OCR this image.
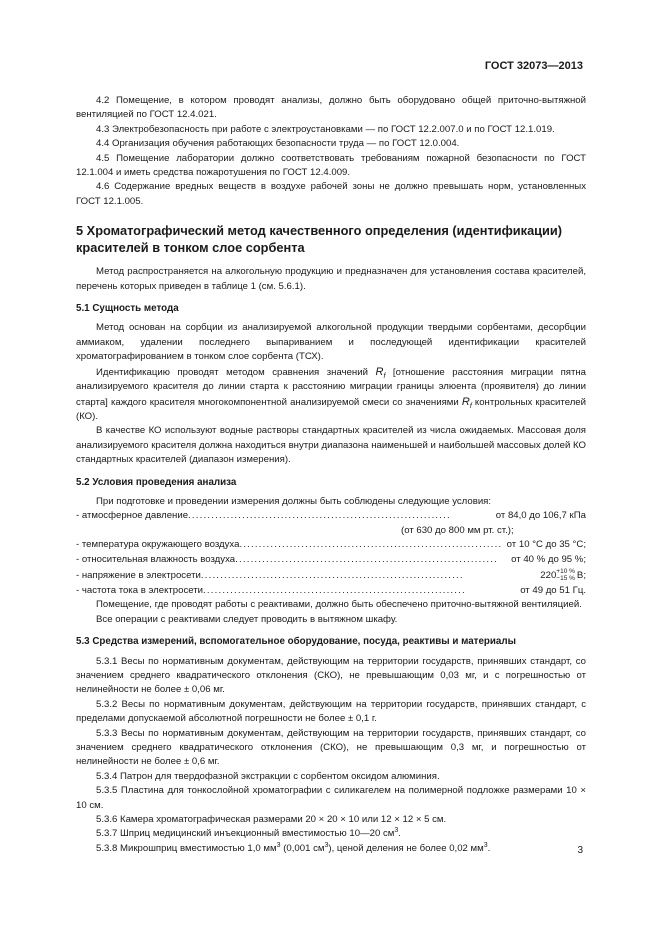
ГОСТ 32073—2013

4.2 Помещение, в котором проводят анализы, должно быть оборудовано общей приточно-вытяжной вентиляцией по ГОСТ 12.4.021.

4.3 Электробезопасность при работе с электроустановками — по ГОСТ 12.2.007.0 и по ГОСТ 12.1.019.

4.4 Организация обучения работающих безопасности труда — по ГОСТ 12.0.004.

4.5 Помещение лаборатории должно соответствовать требованиям пожарной безопасности по ГОСТ 12.1.004 и иметь средства пожаротушения по ГОСТ 12.4.009.

4.6 Содержание вредных веществ в воздухе рабочей зоны не должно превышать норм, установленных ГОСТ 12.1.005.

5 Хроматографический метод качественного определения (идентификации) красителей в тонком слое сорбента

Метод распространяется на алкогольную продукцию и предназначен для установления состава красителей, перечень которых приведен в таблице 1 (см. 5.6.1).

5.1 Сущность метода

Метод основан на сорбции из анализируемой алкогольной продукции твердыми сорбентами, десорбции аммиаком, удалении последнего выпариванием и последующей идентификации красителей хроматографированием в тонком слое сорбента (ТСХ).

Идентификацию проводят методом сравнения значений $R_f$ [отношение расстояния миграции пятна анализируемого красителя до линии старта к расстоянию миграции границы элюента (проявителя) до линии старта] каждого красителя многокомпонентной анализируемой смеси со значениями $R_f$ контрольных красителей (КО).

В качестве КО используют водные растворы стандартных красителей из числа ожидаемых. Массовая доля анализируемого красителя должна находиться внутри диапазона наименьшей и наибольшей массовых долей КО стандартных красителей (диапазон измерения).

5.2 Условия проведения анализа

При подготовке и проведении измерения должны быть соблюдены следующие условия:

- атмосферное давление ....................................................................	от 84,0 до 106,7 кПа
(от 630 до 800 мм рт. ст.);
- температура окружающего воздуха .................................................................... от 10 °С до 35 °С;
- относительная влажность воздуха ....................................................................	от 40 % до 95 %;
- напряжение в электросети ....................................................................	220 +10 %
−15 % В;
- частота тока в электросети ....................................................................	от 49 до 51 Гц.

Помещение, где проводят работы с реактивами, должно быть обеспечено приточно-вытяжной вентиляцией.

Все операции с реактивами следует проводить в вытяжном шкафу.

5.3 Средства измерений, вспомогательное оборудование, посуда, реактивы и материалы

5.3.1 Весы по нормативным документам, действующим на территории государств, принявших стандарт, со значением среднего квадратического отклонения (СКО), не превышающим 0,03 мг, и с погрешностью от нелинейности не более ± 0,06 мг.

5.3.2 Весы по нормативным документам, действующим на территории государств, принявших стандарт, с пределами допускаемой абсолютной погрешности не более ± 0,1 г.

5.3.3 Весы по нормативным документам, действующим на территории государств, принявших стандарт, со значением среднего квадратического отклонения (СКО), не превышающим 0,3 мг, и погрешностью от нелинейности не более ± 0,6 мг.

5.3.4 Патрон для твердофазной экстракции с сорбентом оксидом алюминия.

5.3.5 Пластина для тонкослойной хроматографии с силикагелем на полимерной подложке размерами 10 × 10 см.

5.3.6 Камера хроматографическая размерами 20 × 20 × 10 или 12 × 12 × 5 см.

5.3.7 Шприц медицинский инъекционный вместимостью 10—20 $см^3$.

5.3.8 Микрошприц вместимостью 1,0 $мм^3$ (0,001 $см^3$), ценой деления не более 0,02 $мм^3$.	3
